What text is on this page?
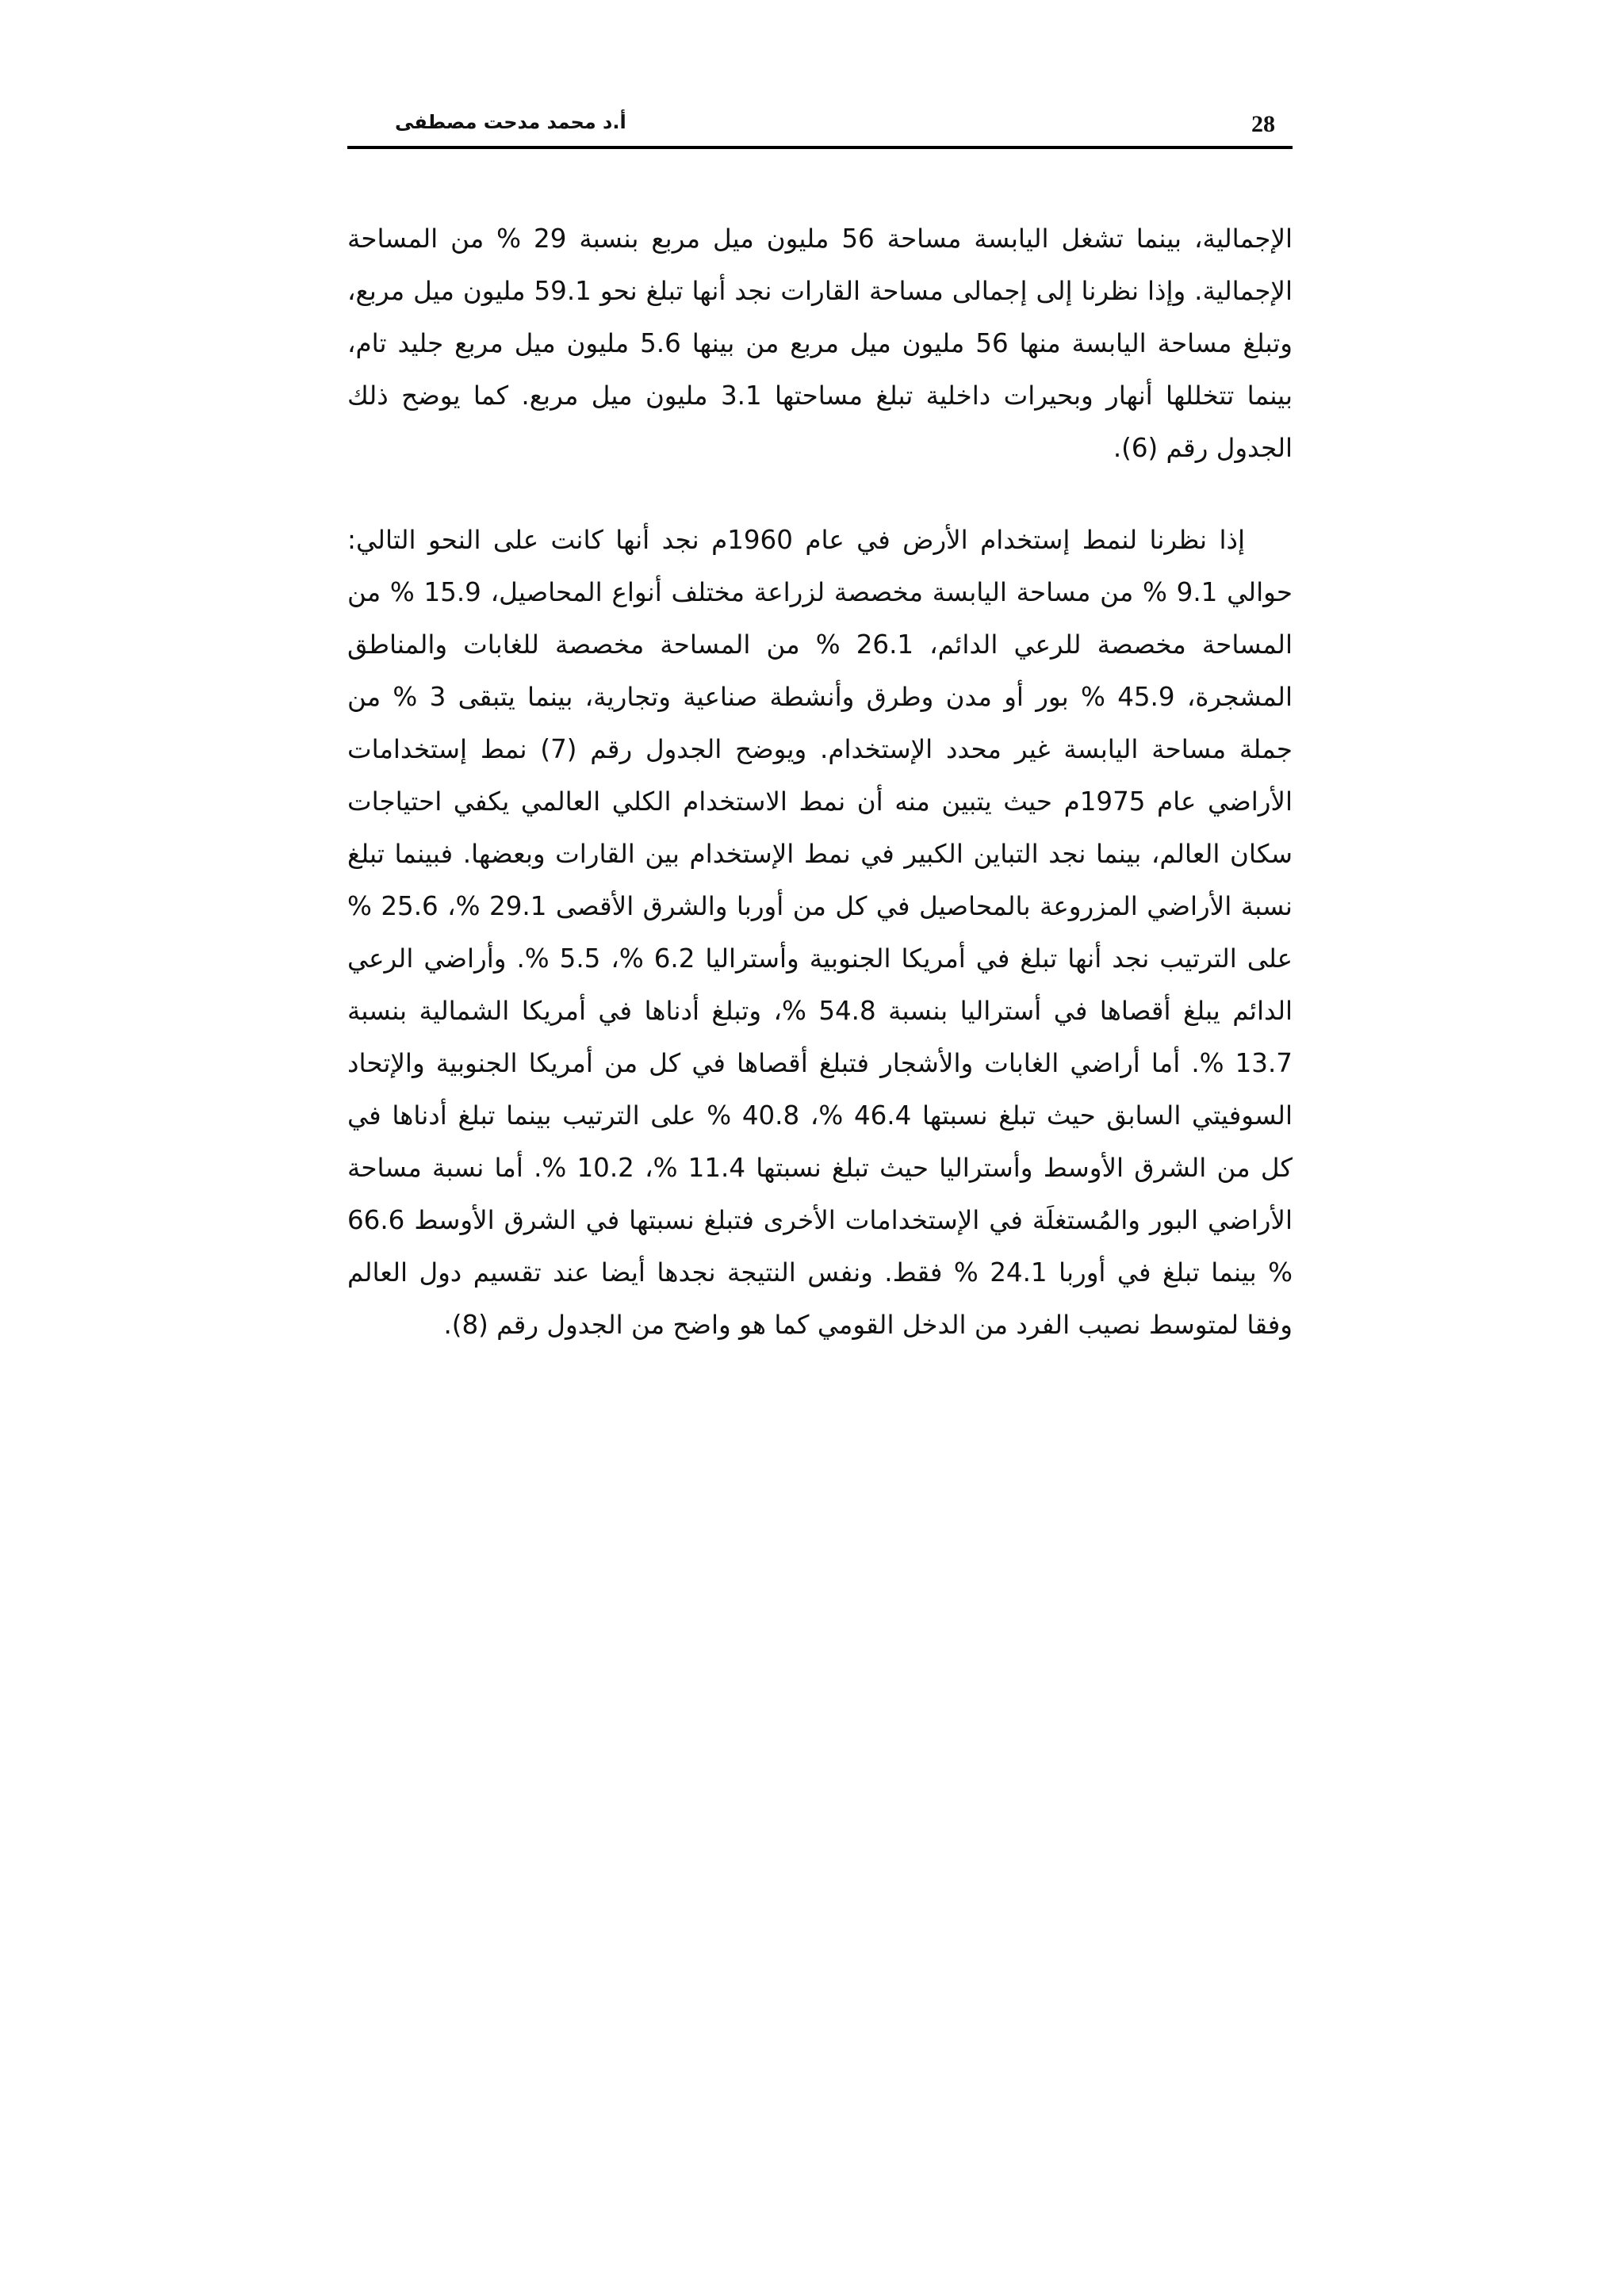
28
أ.د محمد مدحت مصطفى

الإجمالية، بينما تشغل اليابسة مساحة 56 مليون ميل مربع بنسبة 29 % من المساحة الإجمالية. وإذا نظرنا إلى إجمالى مساحة القارات نجد أنها تبلغ نحو 59.1 مليون ميل مربع، وتبلغ مساحة اليابسة منها 56 مليون ميل مربع من بينها 5.6 مليون ميل مربع جليد تام، بينما تتخللها أنهار وبحيرات داخلية تبلغ مساحتها 3.1 مليون ميل مربع. كما يوضح ذلك الجدول رقم (6).

إذا نظرنا لنمط إستخدام الأرض في عام 1960م نجد أنها كانت على النحو التالي: حوالي 9.1 % من مساحة اليابسة مخصصة لزراعة مختلف أنواع المحاصيل، 15.9 % من المساحة مخصصة للرعي الدائم، 26.1 % من المساحة مخصصة للغابات والمناطق المشجرة، 45.9 % بور أو مدن وطرق وأنشطة صناعية وتجارية، بينما يتبقى 3 % من جملة مساحة اليابسة غير محدد الإستخدام. ويوضح الجدول رقم (7) نمط إستخدامات الأراضي عام 1975م حيث يتبين منه أن نمط الاستخدام الكلي العالمي يكفي احتياجات سكان العالم، بينما نجد التباين الكبير في نمط الإستخدام بين القارات وبعضها. فبينما تبلغ نسبة الأراضي المزروعة بالمحاصيل في كل من أوربا والشرق الأقصى 29.1 %، 25.6 % على الترتيب نجد أنها تبلغ في أمريكا الجنوبية وأستراليا 6.2 %، 5.5 %. وأراضي الرعي الدائم يبلغ أقصاها في أستراليا بنسبة 54.8 %، وتبلغ أدناها في أمريكا الشمالية بنسبة 13.7 %. أما أراضي الغابات والأشجار فتبلغ أقصاها في كل من أمريكا الجنوبية والإتحاد السوفيتي السابق حيث تبلغ نسبتها 46.4 %، 40.8 % على الترتيب بينما تبلغ أدناها في كل من الشرق الأوسط وأستراليا حيث تبلغ نسبتها 11.4 %، 10.2 %. أما نسبة مساحة الأراضي البور والمُستغلَة في الإستخدامات الأخرى فتبلغ نسبتها في الشرق الأوسط 66.6 % بينما تبلغ في أوربا 24.1 % فقط. ونفس النتيجة نجدها أيضا عند تقسيم دول العالم وفقا لمتوسط نصيب الفرد من الدخل القومي كما هو واضح من الجدول رقم (8).
